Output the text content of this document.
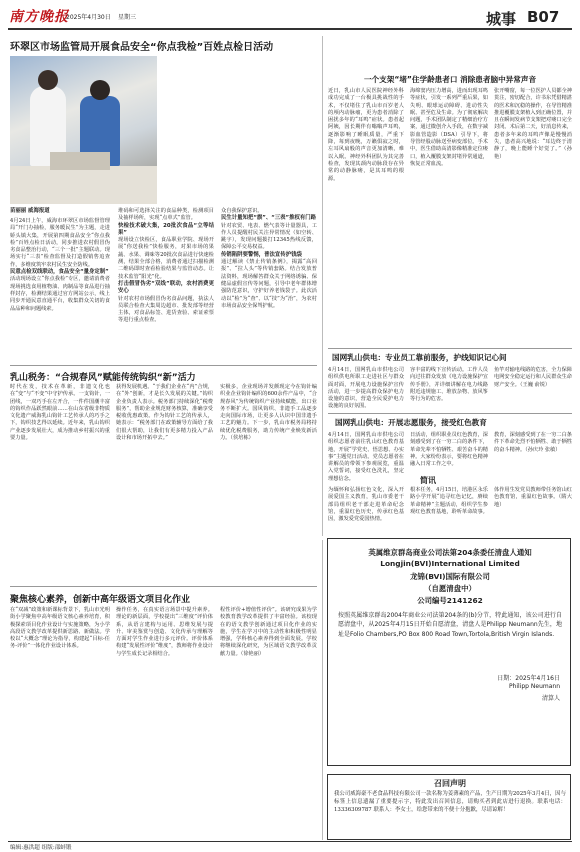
南方晚报
2025年4月30日 星期三	城事 B07
环翠区市场监管局开展食品安全“你点我检”百姓点检日活动
苗丽丽 威海报道
4月24日上午，威海市环翠区市场监督管理局“开门办抽检，服务暖民生”为主题，走进娇头镇大集，开展第四期食品安全“你点我检”百姓点检日活动，同步推进农村假冒伪劣食品整治行动，“三个一批”主题联动。现场实行“三表”检查监督及打造假销售追查作，多维度筑牢农村民生安全防线。
民意点检双线联动，食品安全“量身定制”
活动现场设立“你点我检”专区，邀请消费者现场挑选食用植物油、肉制品等食品进行抽样封存，检测结果通过官方网站公示，线上同步开通民意直通平台，收集群众关切的食品品种和问题线索。
堆码和可选择关注的食品种类，检测项目及抽样场所，实现“点单式”监管。
快检技术破大集，20批次食品“立等结果”
现场设立快检区，食品职业学院、现场开展“你送我检”快检服务，对果市场的果蔬、水果、调味等20批次食品进行快速检测，结果全部合格，消费者通过扫描检测二维码即时查看检验结果与监管动态。让技术监管“阳光”化。
打击假冒伪劣“双线”联动，农村消费更安心
针对农村市场假冒伪劣食品问题，执法人员联合检查大集周边超市、批发部等经营主体，对食品标签、进货查验、索证索票等进行重点检查。
众自我保护意识。
民生计量知把“旗”、“三表”推权有门路
针对农贸、电表、燃气表等计量器具，工作人员提醒村民关注异常情况（如空转、跳字），发现问题拨打12345热线反馈，保障公平交易权益。
传销陷阱要警惕，普法宣传护钱袋
通过解读《禁止传销条例》，揭露“高回报”、“拉人头”等传销套路。结合发放普法资料，现场解答群众关于网络诱骗、保健品虚假宣传等问题，引导中老年群体增强防范意识，守护好养老钱袋子。此次活动以“检”为“查”、以“技”为“治”，为农村市场食品安全保驾护航。
一个支架“堵”住学龄患者口 消除患者脑中异常声音
近日，乳山市人民医院神经外科成功完成了一台极具挑战性的手术，不仅堵住了乳山市百岁老人的颅内动脉瘤，更为患者消除了困扰多年的“耳鸣”症状。患者起阿姨，因长期伴有嗡嗡声耳鸣，逐渐影响了睡眠质量，严重下降，每到夜晚，万籁俱寂之时，左耳风扇般的声音更加清晰，难以入眠。神经外科团队为其完善检查，发现其颈内动脉段存在异常的动静脉瘘，是其耳鸣的根源。
海绵窦内压力增高，进而出现耳鸣等症状，引发一系列严重后果，如失明、眼球运动障碍、进动性失眠、甚至危及生命。为了彻底解决问题，手术团队制定了精细治疗方案，通过微创介入手段，在数字减影血管造影（DSA）引导下，将导管经股动脉送至病变部位。手术中，医生借助高清影像精准定位瘘口，植入覆膜支架封堵异常通道，恢复正常血流。
张开嘴窗，每一位医护人员都全神贯注，密切配合，许书东凭借精湛的医术和沉稳的操作，在导管精准推进覆膜支架植入到正确位置，并且在瞬间发病节支架把对瘘口完全封闭。术后第二天，好消息传来，患者多年来的耳鸣声像是慢慢消失，患者高兴地说：“耳边终于清静了，晚上能睡个好觉了。”（孙艳）
乳山税务：“合规春风”赋能传统钩织“新”活力
时代在发，技术在革新，非遗文化也在“变”与“不变”中守护传承。一支钩针，一团线，一双巧手在左开合，一件件国潮丰富的钩织作品跃然眼前……在山东省级非物质文化遗产威海乳山钩针工艺传承人的巧手之下，钩织技艺得以延续。近年来，乳山钩织产业逐步发展壮大，成为推动乡村振兴的重要力量。
获得发展机遇。“于我们企业在“内”合规，在“外”创新，才是长久发展的关键。”钩织企业负责人表示。税务部门持续深化“税费服务”，帮助企业规范财务核算，准确享受税收优惠政策。作为钩针工艺的传承人，她表示：“税务部门在政策辅导方面给了我们很大帮助，让我们有更多精力投入产品设计和市场开拓中去。”
实极多，企业现场并发颜现定今在钩针编织业企业钩针编织的600余件产品中，“合规春风”为传统钩织产业持续赋能，出口业务不断扩大。国风钩织、非遗手工品逐步走向国际市场，让更多人认识中国非遗手工艺的魅力。下一步，乳山市税务局将持续优化税费服务，助力传统产业焕发新活力。（侯培栋）
国网乳山供电：专业员工靠前服务，护线知识记心间
4月14日，国网乳山市供电公司组织供电所职工走进社区与群众面对面，开展电力设施保护宣传活动，进一步提高群众保护电力设施的意识，营造全民爱护电力设施的良好氛围。
容丰富的线下宣传活动。工作人员向过往群众发放《电力设施保护宣传手册》，并详细讲解在电力线路附近违规施工、堆放杂物、放风筝等行为的危害。
鱼竿对输电线路的危害，全力保障电网安全稳定运行和人民群众生命财产安全。（王巍 俞锐）
国网乳山供电：开展志愿服务，接受红色教育
4月14日，国网乳山市供电公司组织志愿者前往乳山红色教育基地，开展“学党史、悟思想、办实事”主题党日活动。党员志愿者在讲解员的带领下参观展览，重温入党誓词，接受红色洗礼，坚定理想信念。
日活动，组织职业员红色教育，深刻感受到了在一穷二白的条件下，革命先辈不怕牺牲、艰苦奋斗的精神。大家纷纷表示，要将红色精神融入日常工作之中。
教育，深刻感受到了在一穷二白条件下革命先烈不怕牺牲、敢于牺牲的奋斗精神。（孙庆玲 张敏）
简讯
为缅怀和弘扬红色文化，深入开展爱国主义教育，乳山市委老干部局组织老干部走进革命纪念馆，重温红色历史，传承红色基因，激发爱党爱国热情。
根本任务，4月15日，培港区永乐路小学开展“追寻红色记忆，赓续革命精神”主题活动，组织学生参观红色教育基地，聆听革命故事。
体作用生发党员教师带任务馆山红色教育馆，重温红色故事。（隋大地）
聚焦核心素养，创新中高年级语文项目化作业
在“双减”政策和新课标背景下，乳山市光明街小学聚焦中高年级语文核心素养培育，积极探索项目化作业设计与实施策略，为小学高段语文教学改革提供新思路、新做法。学校以“大概念”理论为指导，构建起“目标-任务-评价”一体化作业设计体系。
操作任务，在真实语言场景中提升素养。理论的新层面，学校提出“三维度”评价体系，从语言建构与运用、思维发展与提升、审美鉴赏与创造、文化传承与理解等方面对学生作业进行多元评价。评价体系构建“发展性评价“维度”，教师将作业设计与学生成长记录相结合。
程性评价+增值性评价”。该研究成果为学校教育教学改革提供了丰富经验。该校现在的语文教学创新通过项目化作业的实施，学生在学习中的主动性和积极性明显增强，学科核心素养得到全面发展。学校将继续深化研究，为区域语文教学改革贡献力量。（徐艳丽）
英属维京群岛商业公司法第204条委任清盘人通知
Longjin(BVI)International Limited
龙锦(BVI)国际有限公司
（自愿清盘中）
公司编号2141262
按照英属维京群岛2004年商业公司法第204条的(b)分节，特此通知，该公司进行自愿清盘中，从2025年4月15日开始自愿清盘，清盘人是Philipp Neumann先生，地址是Folio Chambers,PO Box 800 Road Town,Tortola,British Virgin Islands.
日期：2025年4月16日
Philipp Neumann
清算人
召回声明
我公司威海豪不老食品科技有限公司一款名称为姜薄素的产品，生产日期为2025年3月4日，因与标签上信息遗漏了重要提示字，特此发出召回信息，请购买者到此店进行退换。联系电话：13336309787 联系人：李女士，给您带来的不便十分抱歉，尽请谅解！
编辑:惠洪超 组版:邵蚌锻
